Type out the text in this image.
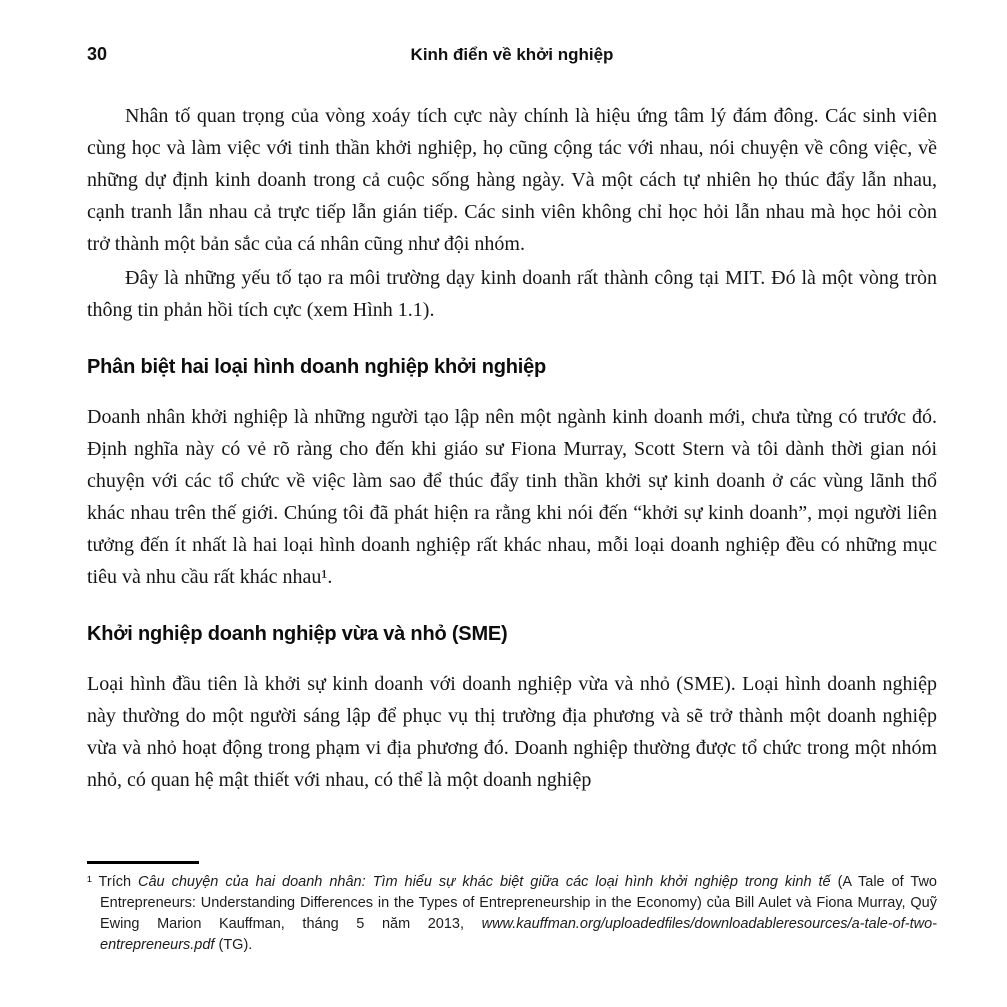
30	Kinh điển về khởi nghiệp

Nhân tố quan trọng của vòng xoáy tích cực này chính là hiệu ứng tâm lý đám đông. Các sinh viên cùng học và làm việc với tinh thần khởi nghiệp, họ cũng cộng tác với nhau, nói chuyện về công việc, về những dự định kinh doanh trong cả cuộc sống hàng ngày. Và một cách tự nhiên họ thúc đẩy lẫn nhau, cạnh tranh lẫn nhau cả trực tiếp lẫn gián tiếp. Các sinh viên không chỉ học hỏi lẫn nhau mà học hỏi còn trở thành một bản sắc của cá nhân cũng như đội nhóm.

Đây là những yếu tố tạo ra môi trường dạy kinh doanh rất thành công tại MIT. Đó là một vòng tròn thông tin phản hồi tích cực (xem Hình 1.1).

Phân biệt hai loại hình doanh nghiệp khởi nghiệp

Doanh nhân khởi nghiệp là những người tạo lập nên một ngành kinh doanh mới, chưa từng có trước đó. Định nghĩa này có vẻ rõ ràng cho đến khi giáo sư Fiona Murray, Scott Stern và tôi dành thời gian nói chuyện với các tổ chức về việc làm sao để thúc đẩy tinh thần khởi sự kinh doanh ở các vùng lãnh thổ khác nhau trên thế giới. Chúng tôi đã phát hiện ra rằng khi nói đến “khởi sự kinh doanh”, mọi người liên tưởng đến ít nhất là hai loại hình doanh nghiệp rất khác nhau, mỗi loại doanh nghiệp đều có những mục tiêu và nhu cầu rất khác nhau¹.

Khởi nghiệp doanh nghiệp vừa và nhỏ (SME)

Loại hình đầu tiên là khởi sự kinh doanh với doanh nghiệp vừa và nhỏ (SME). Loại hình doanh nghiệp này thường do một người sáng lập để phục vụ thị trường địa phương và sẽ trở thành một doanh nghiệp vừa và nhỏ hoạt động trong phạm vi địa phương đó. Doanh nghiệp thường được tổ chức trong một nhóm nhỏ, có quan hệ mật thiết với nhau, có thể là một doanh nghiệp

¹ Trích Câu chuyện của hai doanh nhân: Tìm hiểu sự khác biệt giữa các loại hình khởi nghiệp trong kinh tế (A Tale of Two Entrepreneurs: Understanding Differences in the Types of Entrepreneurship in the Economy) của Bill Aulet và Fiona Murray, Quỹ Ewing Marion Kauffman, tháng 5 năm 2013, www.kauffman.org/uploadedfiles/downloadableresources/a-tale-of-two-entrepreneurs.pdf (TG).
